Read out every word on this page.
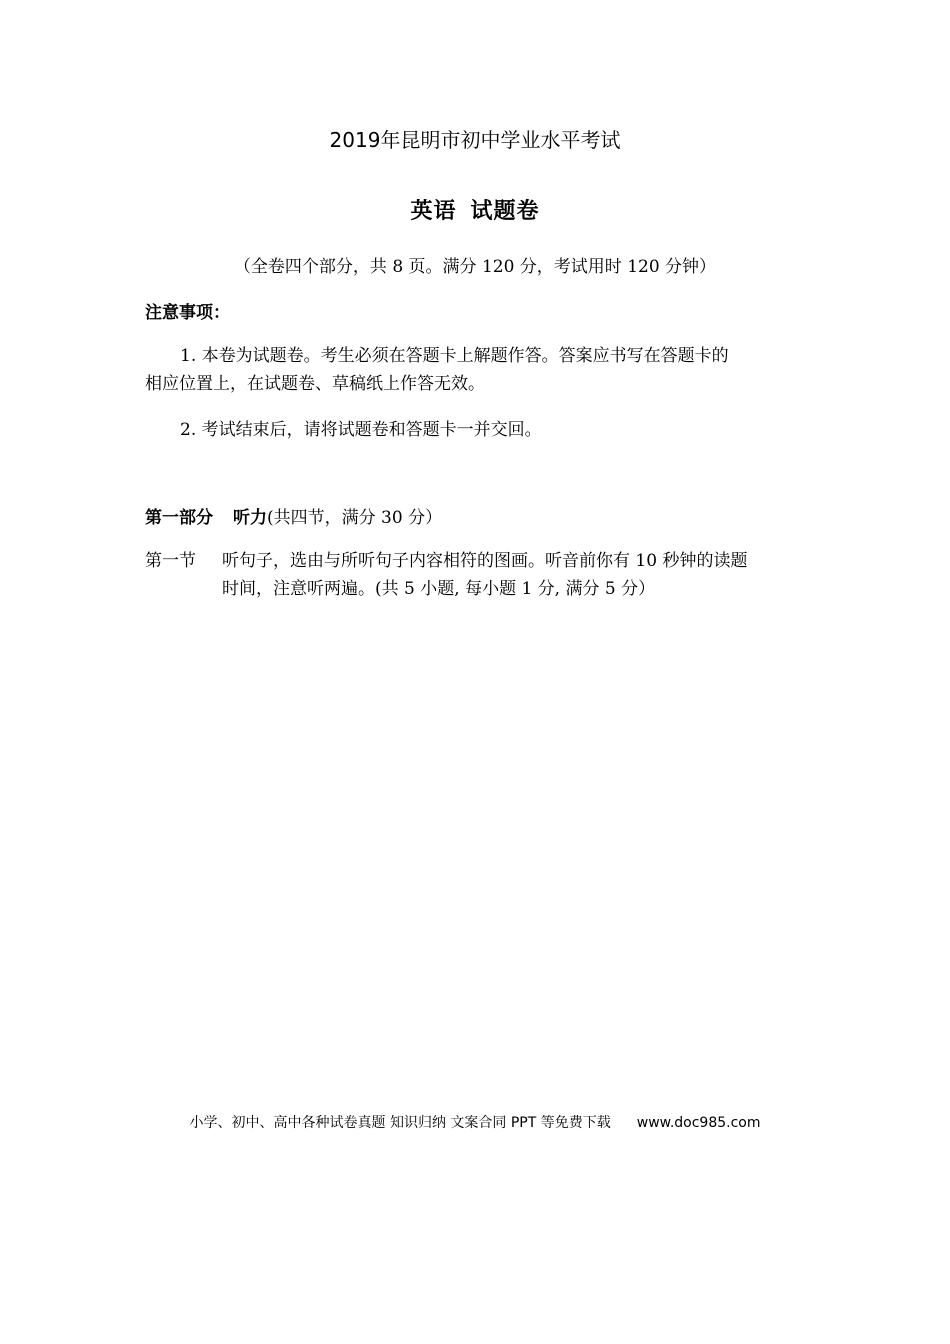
2019年昆明市初中学业水平考试
英语 试题卷
（全卷四个部分，共 8 页。满分 120 分，考试用时 120 分钟）
注意事项：
1. 本卷为试题卷。考生必须在答题卡上解题作答。答案应书写在答题卡的
相应位置上，在试题卷、草稿纸上作答无效。
2. 考试结束后，请将试题卷和答题卡一并交回。
第一部分 听力(共四节，满分 30 分）
第一节 听句子，选由与所听句子内容相符的图画。听音前你有 10 秒钟的读题
时间，注意听两遍。(共 5 小题, 每小题 1 分, 满分 5 分）
小学、初中、高中各种试卷真题 知识归纳 文案合同 PPT 等免费下载 www.doc985.com
